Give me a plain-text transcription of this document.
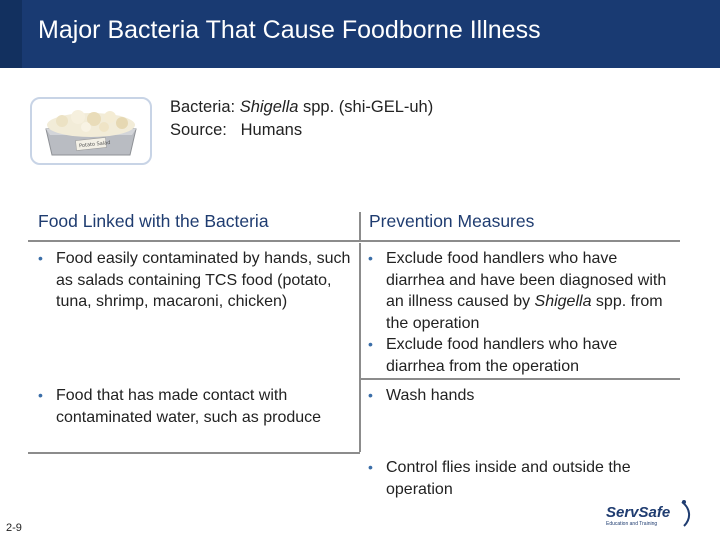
Major Bacteria That Cause Foodborne Illness
Potato Salad
Bacteria: Shigella spp. (shi-GEL-uh)
Source:   Humans
Food Linked with the Bacteria	Prevention Measures
• Food easily contaminated by hands, such as salads containing TCS food (potato, tuna, shrimp, macaroni, chicken)
• Exclude food handlers who have diarrhea and have been diagnosed with an illness caused by Shigella spp. from the operation
• Exclude food handlers who have diarrhea from the operation
• Food that has made contact with contaminated water, such as produce
• Wash hands
• Control flies inside and outside the operation
2-9
ServSafe
Education and Training
